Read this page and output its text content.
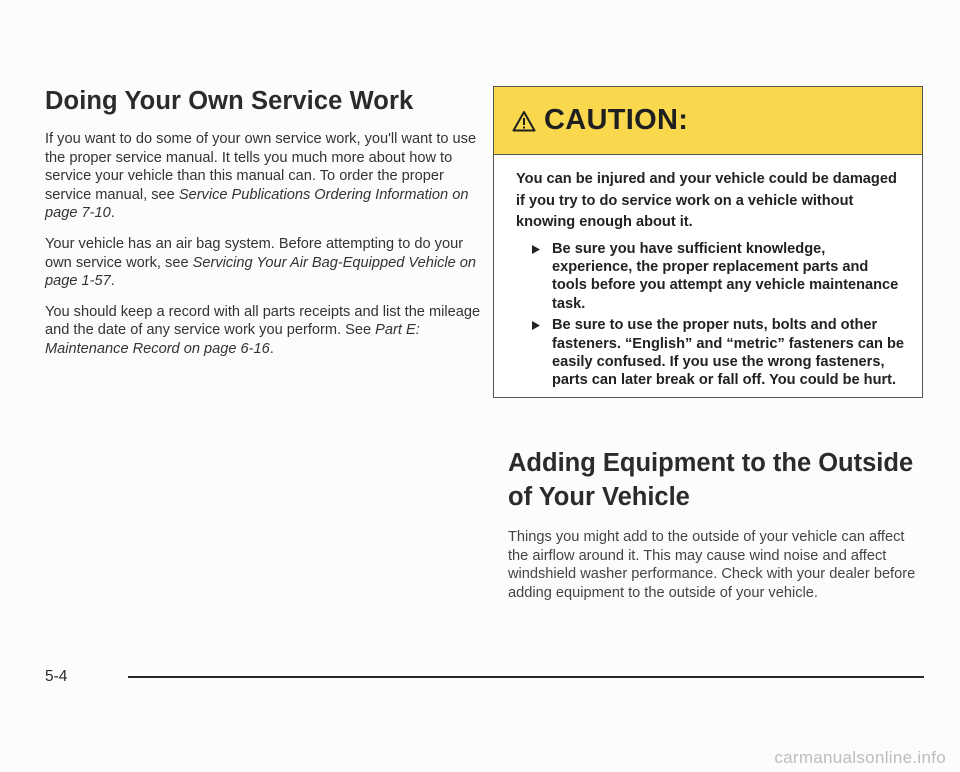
Doing Your Own Service Work

If you want to do some of your own service work, you'll want to use the proper service manual. It tells you much more about how to service your vehicle than this manual can. To order the proper service manual, see Service Publications Ordering Information on page 7-10.

Your vehicle has an air bag system. Before attempting to do your own service work, see Servicing Your Air Bag-Equipped Vehicle on page 1-57.

You should keep a record with all parts receipts and list the mileage and the date of any service work you perform. See Part E: Maintenance Record on page 6-16.

CAUTION:

You can be injured and your vehicle could be damaged if you try to do service work on a vehicle without knowing enough about it.

Be sure you have sufficient knowledge, experience, the proper replacement parts and tools before you attempt any vehicle maintenance task.
Be sure to use the proper nuts, bolts and other fasteners. “English” and “metric” fasteners can be easily confused. If you use the wrong fasteners, parts can later break or fall off. You could be hurt.
Adding Equipment to the Outside of Your Vehicle

Things you might add to the outside of your vehicle can affect the airflow around it. This may cause wind noise and affect windshield washer performance. Check with your dealer before adding equipment to the outside of your vehicle.

5-4
carmanualsonline.info
